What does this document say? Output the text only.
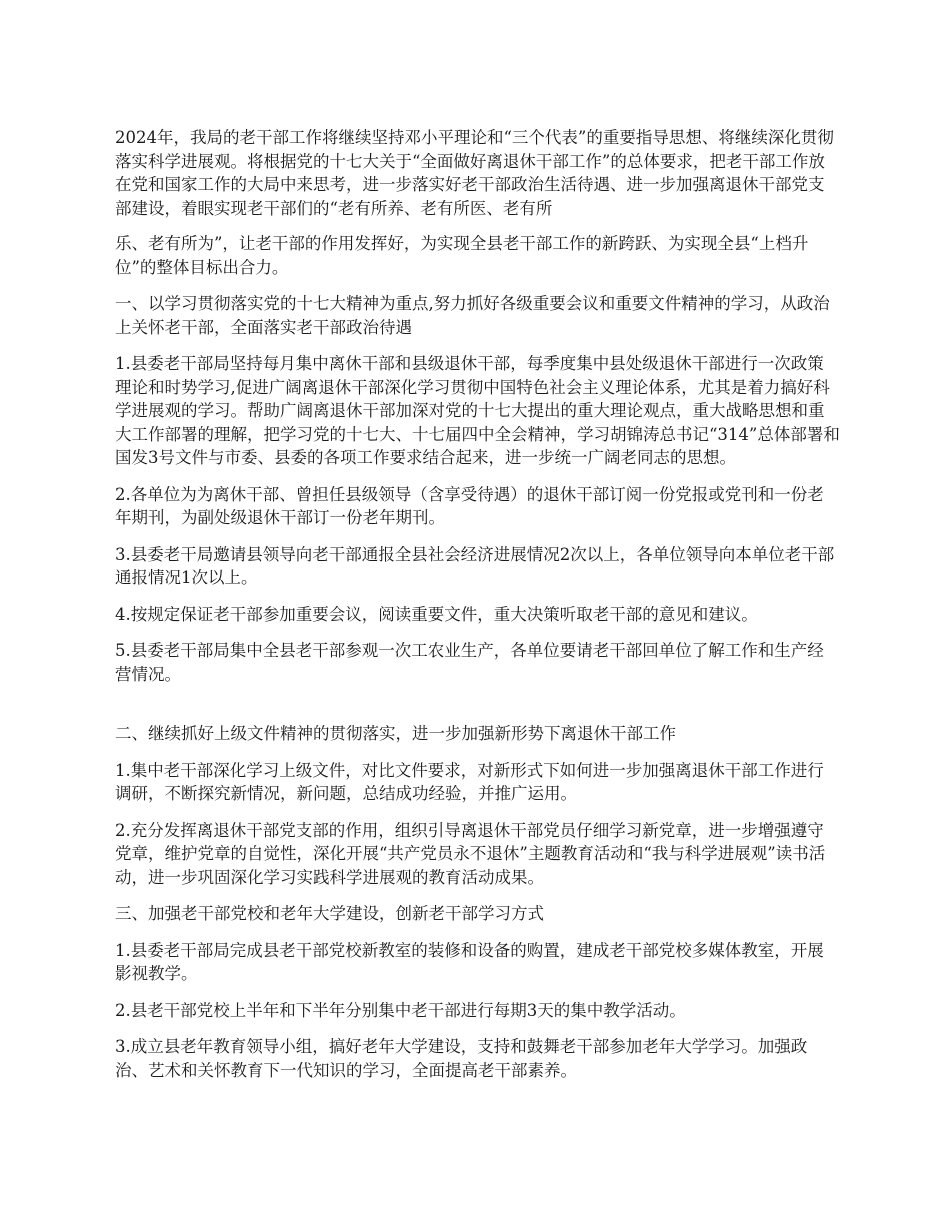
2024年，我局的老干部工作将继续坚持邓小平理论和“三个代表”的重要指导思想、将继续深化贯彻落实科学进展观。将根据党的十七大关于“全面做好离退休干部工作”的总体要求，把老干部工作放在党和国家工作的大局中来思考，进一步落实好老干部政治生活待遇、进一步加强离退休干部党支部建设，着眼实现老干部们的“老有所养、老有所医、老有所

乐、老有所为”，让老干部的作用发挥好，为实现全县老干部工作的新跨跃、为实现全县“上档升位”的整体目标出合力。

一、以学习贯彻落实党的十七大精神为重点,努力抓好各级重要会议和重要文件精神的学习，从政治上关怀老干部，全面落实老干部政治待遇

1.县委老干部局坚持每月集中离休干部和县级退休干部，每季度集中县处级退休干部进行一次政策理论和时势学习,促进广阔离退休干部深化学习贯彻中国特色社会主义理论体系，尤其是着力搞好科学进展观的学习。帮助广阔离退休干部加深对党的十七大提出的重大理论观点，重大战略思想和重大工作部署的理解，把学习党的十七大、十七届四中全会精神，学习胡锦涛总书记“314”总体部署和国发3号文件与市委、县委的各项工作要求结合起来，进一步统一广阔老同志的思想。

2.各单位为为离休干部、曾担任县级领导（含享受待遇）的退休干部订阅一份党报或党刊和一份老年期刊，为副处级退休干部订一份老年期刊。

3.县委老干局邀请县领导向老干部通报全县社会经济进展情况2次以上，各单位领导向本单位老干部通报情况1次以上。

4.按规定保证老干部参加重要会议，阅读重要文件，重大决策听取老干部的意见和建议。

5.县委老干部局集中全县老干部参观一次工农业生产，各单位要请老干部回单位了解工作和生产经营情况。

二、继续抓好上级文件精神的贯彻落实，进一步加强新形势下离退休干部工作

1.集中老干部深化学习上级文件，对比文件要求，对新形式下如何进一步加强离退休干部工作进行调研，不断探究新情况，新问题，总结成功经验，并推广运用。

2.充分发挥离退休干部党支部的作用，组织引导离退休干部党员仔细学习新党章，进一步增强遵守党章，维护党章的自觉性，深化开展“共产党员永不退休”主题教育活动和“我与科学进展观”读书活动，进一步巩固深化学习实践科学进展观的教育活动成果。

三、加强老干部党校和老年大学建设，创新老干部学习方式

1.县委老干部局完成县老干部党校新教室的装修和设备的购置，建成老干部党校多媒体教室，开展影视教学。

2.县老干部党校上半年和下半年分别集中老干部进行每期3天的集中教学活动。

3.成立县老年教育领导小组，搞好老年大学建设，支持和鼓舞老干部参加老年大学学习。加强政治、艺术和关怀教育下一代知识的学习，全面提高老干部素养。
